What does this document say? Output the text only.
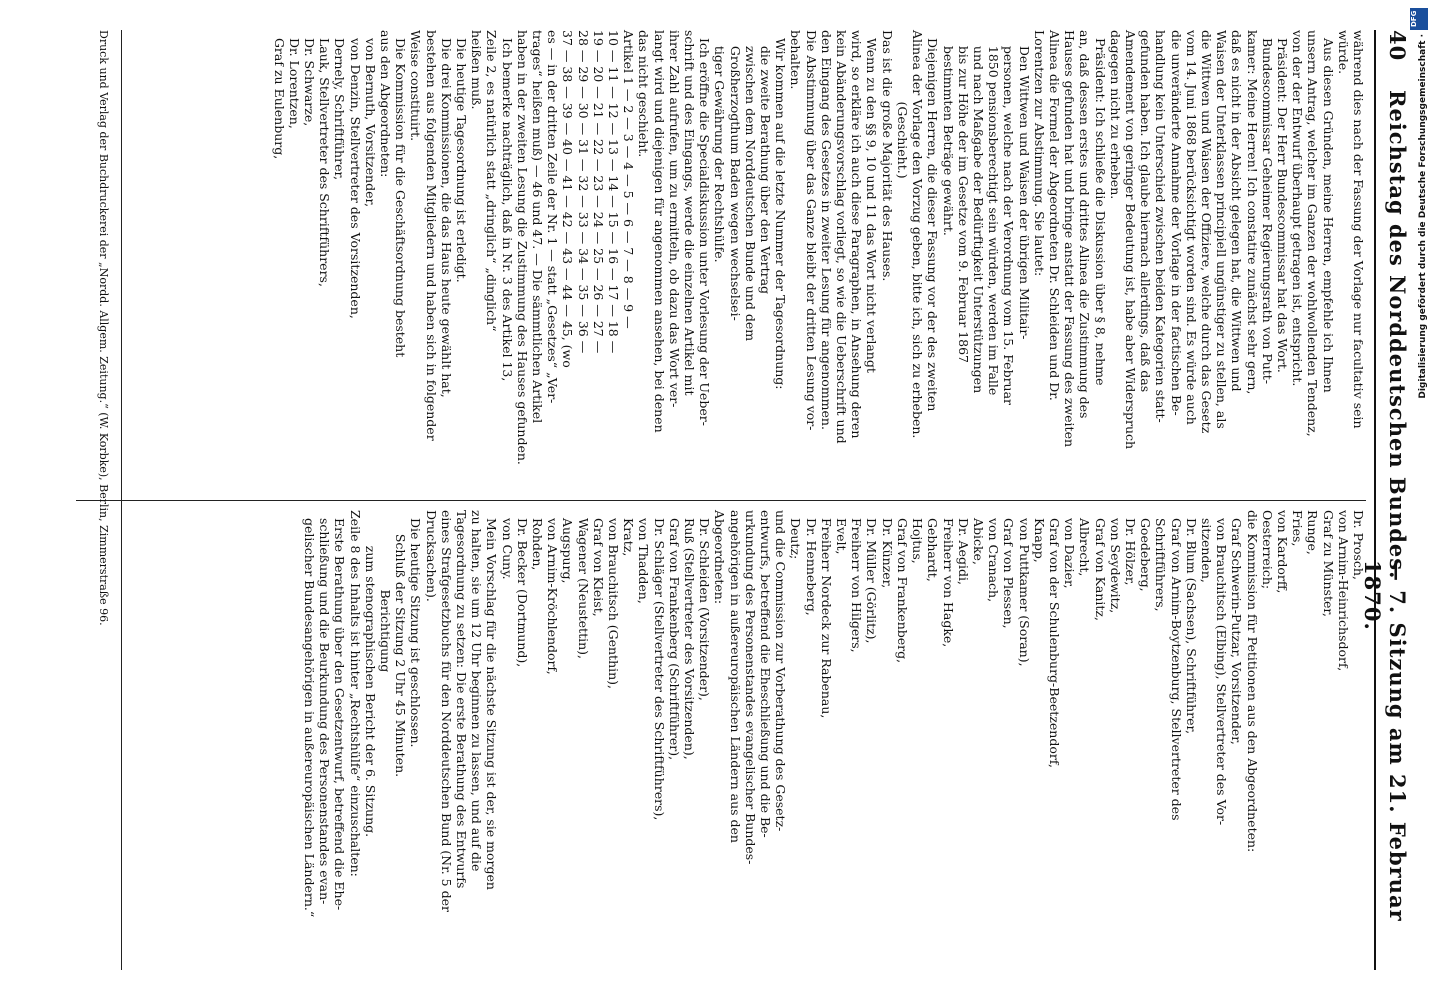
40
Reichstag des Norddeutschen Bundes.
— 7. Sitzung am 21. Februar 1870.

während dies nach der Fassung der Vorlage nur facultativ sein

würde.

Aus diesen Gründen, meine Herren, empfehle ich Ihnen

unsern Antrag, welcher im Ganzen der wohlwollenden Tendenz,

von der der Entwurf überhaupt getragen ist, entspricht.

Präsident: Der Herr Bundescommissar hat das Wort.

Bundescommissar Geheimer Regierungsrath von Putt-

kamer: Meine Herren! Ich constatire zunächst sehr gern,

daß es nicht in der Absicht gelegen hat, die Wittwen und

Waisen der Unterklassen principiell ungünstiger zu stellen, als

die Wittwen und Waisen der Offiziere, welche durch das Gesetz

vom 14. Juni 1868 berücksichtigt worden sind. Es würde auch

die unveränderte Annahme der Vorlage in der factischen Be-

handlung kein Unterschied zwischen beiden Kategorien statt-

gefunden haben. Ich glaube hiernach allerdings, daß das

Amendement von geringer Bedeutung ist, habe aber Widerspruch

dagegen nicht zu erheben.

Präsident: Ich schließe die Diskussion über § 8, nehme

an, daß dessen erstes und drittes Alinea die Zustimmung des

Hauses gefunden hat und bringe anstatt der Fassung des zweiten

Alinea die Formel der Abgeordneten Dr. Schleiden und Dr.

Lorentzen zur Abstimmung. Sie lautet:

Den Wittwen und Waisen der übrigen Militair-

personen, welche nach der Verordnung vom 15. Februar

1850 pensionsberechtigt sein würden, werden im Falle

und nach Maßgabe der Bedürftigkeit Unterstützungen

bis zur Höhe der im Gesetze vom 9. Februar 1867

bestimmten Beträge gewährt.

Diejenigen Herren, die dieser Fassung vor der des zweiten

Alinea der Vorlage den Vorzug geben, bitte ich, sich zu erheben.

(Geschieht.)

Das ist die große Majorität des Hauses.

Wenn zu den §§ 9, 10 und 11 das Wort nicht verlangt

wird, so erkläre ich auch diese Paragraphen, in Ansehung deren

kein Abänderungsvorschlag vorliegt, so wie die Ueberschrift und

den Eingang des Gesetzes in zweiter Lesung für angenommen.

Die Abstimmung über das Ganze bleibt der dritten Lesung vor-

behalten.

Wir kommen auf die letzte Nummer der Tagesordnung:

die zweite Berathung über den Vertrag

zwischen dem Norddeutschen Bunde und dem

Großherzogthum Baden wegen wechselsei-

tiger Gewährung der Rechtshülfe.

Ich eröffne die Specialdiskussion unter Vorlesung der Ueber-

schrift und des Eingangs, werde die einzelnen Artikel mit

ihrer Zahl aufrufen, um zu ermitteln, ob dazu das Wort ver-

langt wird und diejenigen für angenommen ansehen, bei denen

das nicht geschieht.

Artikel 1 — 2 — 3 — 4 — 5 — 6 — 7 — 8 — 9 —

10 — 11 — 12 — 13 — 14 — 15 — 16 — 17 — 18 —

19 — 20 — 21 — 22 — 23 — 24 — 25 — 26 — 27 —

28 — 29 — 30 — 31 — 32 — 33 — 34 — 35 — 36 —

37 — 38 — 39 — 40 — 41 — 42 — 43 — 44 — 45, (wo

es — in der dritten Zeile der Nr. 1 — statt „Gesetzes“ „Ver-

trages“ heißen muß) — 46 und 47. — Die sämmtlichen Artikel

haben in der zweiten Lesung die Zustimmung des Hauses gefunden.

Ich bemerke nachträglich, daß in Nr. 3 des Artikel 13,

Zeile 2, es natürlich statt „dringlich“ „dinglich“

heißen muß.

Die heutige Tagesordnung ist erledigt.

Die drei Kommissionen, die das Haus heute gewählt hat,

bestehen aus folgenden Mitgliedern und haben sich in folgender

Weise constituirt.

Die Kommission für die Geschäftsordnung besteht

aus den Abgeordneten:

von Bernuth, Vorsitzender,

von Denzin, Stellvertreter des Vorsitzenden,

Dernely, Schriftführer,

Lauk, Stellvertreter des Schriftführers,

Dr. Schwarze,

Dr. Lorentzen,

Graf zu Eulenburg,

Dr. Prosch,

von Arnim-Heinrichsdorf,

Graf zu Münster,

Runge,

Fries,

von Kardorff,

Oesterreich;

die Kommission für Petitionen aus den Abgeordneten:

Graf Schwerin-Putzar, Vorsitzender,

von Brauchitsch (Elbing), Stellvertreter des Vor-

sitzenden,

Dr. Blum (Sachsen), Schriftführer,

Graf von Arnim-Boytzenburg, Stellvertreter des

Schriftführers,

Goedeberg,

Dr. Hölzer,

von Seydewitz,

Graf von Kanitz,

Albrecht,

von Dazier,

Graf von der Schulenburg-Beetzendorf,

Knapp,

von Puttkamer (Soran),

Graf von Plessen,

von Cranach,

Abicke,

Dr. Aegidi,

Freiherr von Hagke,

Gebhardt,

Hojtus,

Graf von Frankenberg,

Dr. Künzer,

Dr. Müller (Görlitz),

Freiherr von Hilgers,

Evelt,

Freiherr Nordeck zur Rabenau,

Dr. Henneberg,

Deutz;

und die Commission zur Vorberathung des Gesetz-

entwurfs, betreffend die Eheschließung und die Be-

urkundung des Personenstandes evangelischer Bundes-

angehörigen in außereuropäischen Ländern aus den

Abgeordneten:

Dr. Schleiden (Vorsitzender),

Ruß (Stellvertreter des Vorsitzenden),

Graf von Frankenberg (Schriftführer),

Dr. Schläger (Stellvertreter des Schriftführers),

von Thadden,

Kratz,

von Brauchitsch (Genthin),

Graf von Kleist,

Wagener (Neustettin),

Augspurg,

von Arnim-Kröchlendorf,

Rohden,

Dr. Becker (Dortmund),

von Cuny.

Mein Vorschlag für die nächste Sitzung ist der, sie morgen

zu halten, sie um 12 Uhr beginnen zu lassen, und auf die

Tagesordnung zu setzen: Die erste Berathung des Entwurfs

eines Strafgesetzbuchs für den Norddeutschen Bund (Nr. 5 der

Drucksachen).

Die heutige Sitzung ist geschlossen.

Schluß der Sitzung 2 Uhr 45 Minuten.

Berichtigung

zum stenographischen Bericht der 6. Sitzung.

Zeile 8 des Inhalts ist hinter „Rechtshülfe“ einzuschalten:

Erste Berathung über den Gesetzentwurf, betreffend die Ehe-

schließung und die Beurkundung des Personenstandes evan-

gelischer Bundesangehörigen in außereuropäischen Ländern.“

Druck und Verlag der Buchdruckerei der „Nordd. Allgem. Zeitung.“ (W. Korbke), Berlin, Zimmerstraße 96.
DFG
Digitalisierung gefördert durch die Deutsche Forschungsgemeinschaft ·
